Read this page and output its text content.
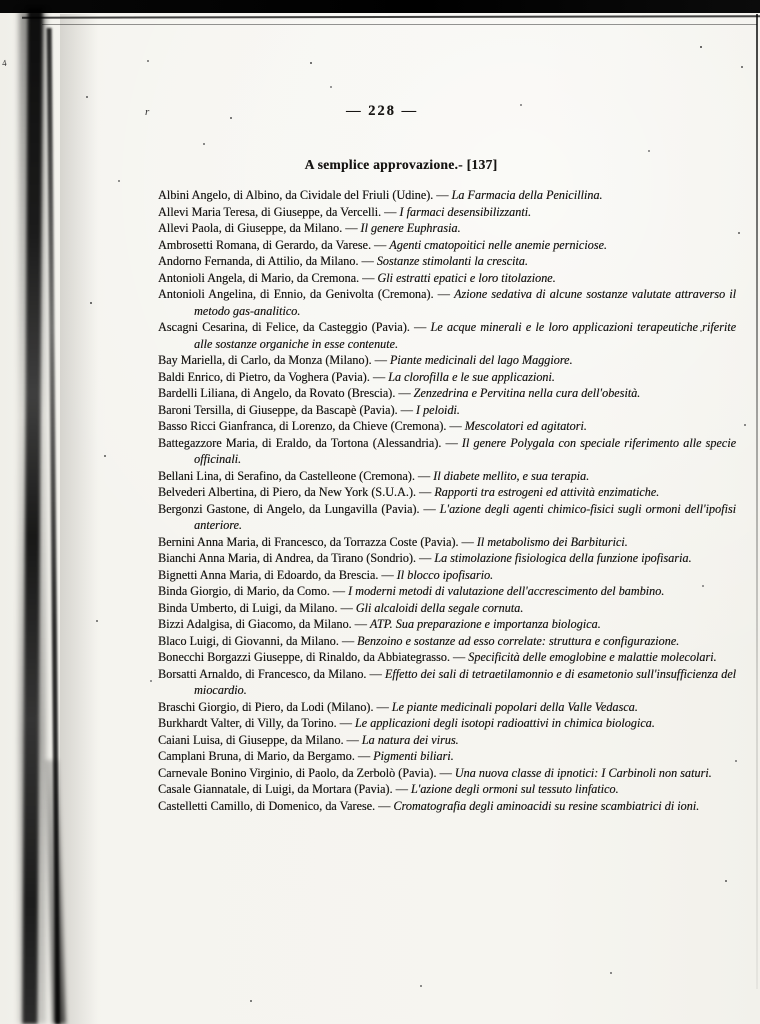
r
4
— 228 —
A semplice approvazione.- [137]

Albini Angelo, di Albino, da Cividale del Friuli (Udine). — La Farmacia della Penicillina.

Allevi Maria Teresa, di Giuseppe, da Vercelli. — I farmaci desensibilizzanti.

Allevi Paola, di Giuseppe, da Milano. — Il genere Euphrasia.

Ambrosetti Romana, di Gerardo, da Varese. — Agenti cmatopoitici nelle anemie perniciose.

Andorno Fernanda, di Attilio, da Milano. — Sostanze stimolanti la crescita.

Antonioli Angela, di Mario, da Cremona. — Gli estratti epatici e loro titolazione.

Antonioli Angelina, di Ennio, da Genivolta (Cremona). — Azione sedativa di alcune sostanze valutate attraverso il metodo gas-analitico.

Ascagni Cesarina, di Felice, da Casteggio (Pavia). — Le acque minerali e le loro applicazioni terapeutiche riferite alle sostanze organiche in esse contenute.

Bay Mariella, di Carlo, da Monza (Milano). — Piante medicinali del lago Maggiore.

Baldi Enrico, di Pietro, da Voghera (Pavia). — La clorofilla e le sue applicazioni.

Bardelli Liliana, di Angelo, da Rovato (Brescia). — Zenzedrina e Pervitina nella cura dell'obesità.

Baroni Tersilla, di Giuseppe, da Bascapè (Pavia). — I peloidi.

Basso Ricci Gianfranca, di Lorenzo, da Chieve (Cremona). — Mescolatori ed agitatori.

Battegazzore Maria, di Eraldo, da Tortona (Alessandria). — Il genere Polygala con speciale riferimento alle specie officinali.

Bellani Lina, di Serafino, da Castelleone (Cremona). — Il diabete mellito, e sua terapia.

Belvederi Albertina, di Piero, da New York (S.U.A.). — Rapporti tra estrogeni ed attività enzimatiche.

Bergonzi Gastone, di Angelo, da Lungavilla (Pavia). — L'azione degli agenti chimico-fisici sugli ormoni dell'ipofisi anteriore.

Bernini Anna Maria, di Francesco, da Torrazza Coste (Pavia). — Il metabolismo dei Barbiturici.

Bianchi Anna Maria, di Andrea, da Tirano (Sondrio). — La stimolazione fisiologica della funzione ipofisaria.

Bignetti Anna Maria, di Edoardo, da Brescia. — Il blocco ipofisario.

Binda Giorgio, di Mario, da Como. — I moderni metodi di valutazione dell'accrescimento del bambino.

Binda Umberto, di Luigi, da Milano. — Gli alcaloidi della segale cornuta.

Bizzi Adalgisa, di Giacomo, da Milano. — ATP. Sua preparazione e importanza biologica.

Blaco Luigi, di Giovanni, da Milano. — Benzoino e sostanze ad esso correlate: struttura e configurazione.

Bonecchi Borgazzi Giuseppe, di Rinaldo, da Abbiategrasso. — Specificità delle emoglobine e malattie molecolari.

Borsatti Arnaldo, di Francesco, da Milano. — Effetto dei sali di tetraetilamonnio e di esametonio sull'insufficienza del miocardio.

Braschi Giorgio, di Piero, da Lodi (Milano). — Le piante medicinali popolari della Valle Vedasca.

Burkhardt Valter, di Villy, da Torino. — Le applicazioni degli isotopi radioattivi in chimica biologica.

Caiani Luisa, di Giuseppe, da Milano. — La natura dei virus.

Camplani Bruna, di Mario, da Bergamo. — Pigmenti biliari.

Carnevale Bonino Virginio, di Paolo, da Zerbolò (Pavia). — Una nuova classe di ipnotici: I Carbinoli non saturi.

Casale Giannatale, di Luigi, da Mortara (Pavia). — L'azione degli ormoni sul tessuto linfatico.

Castelletti Camillo, di Domenico, da Varese. — Cromatografia degli aminoacidi su resine scambiatrici di ioni.
